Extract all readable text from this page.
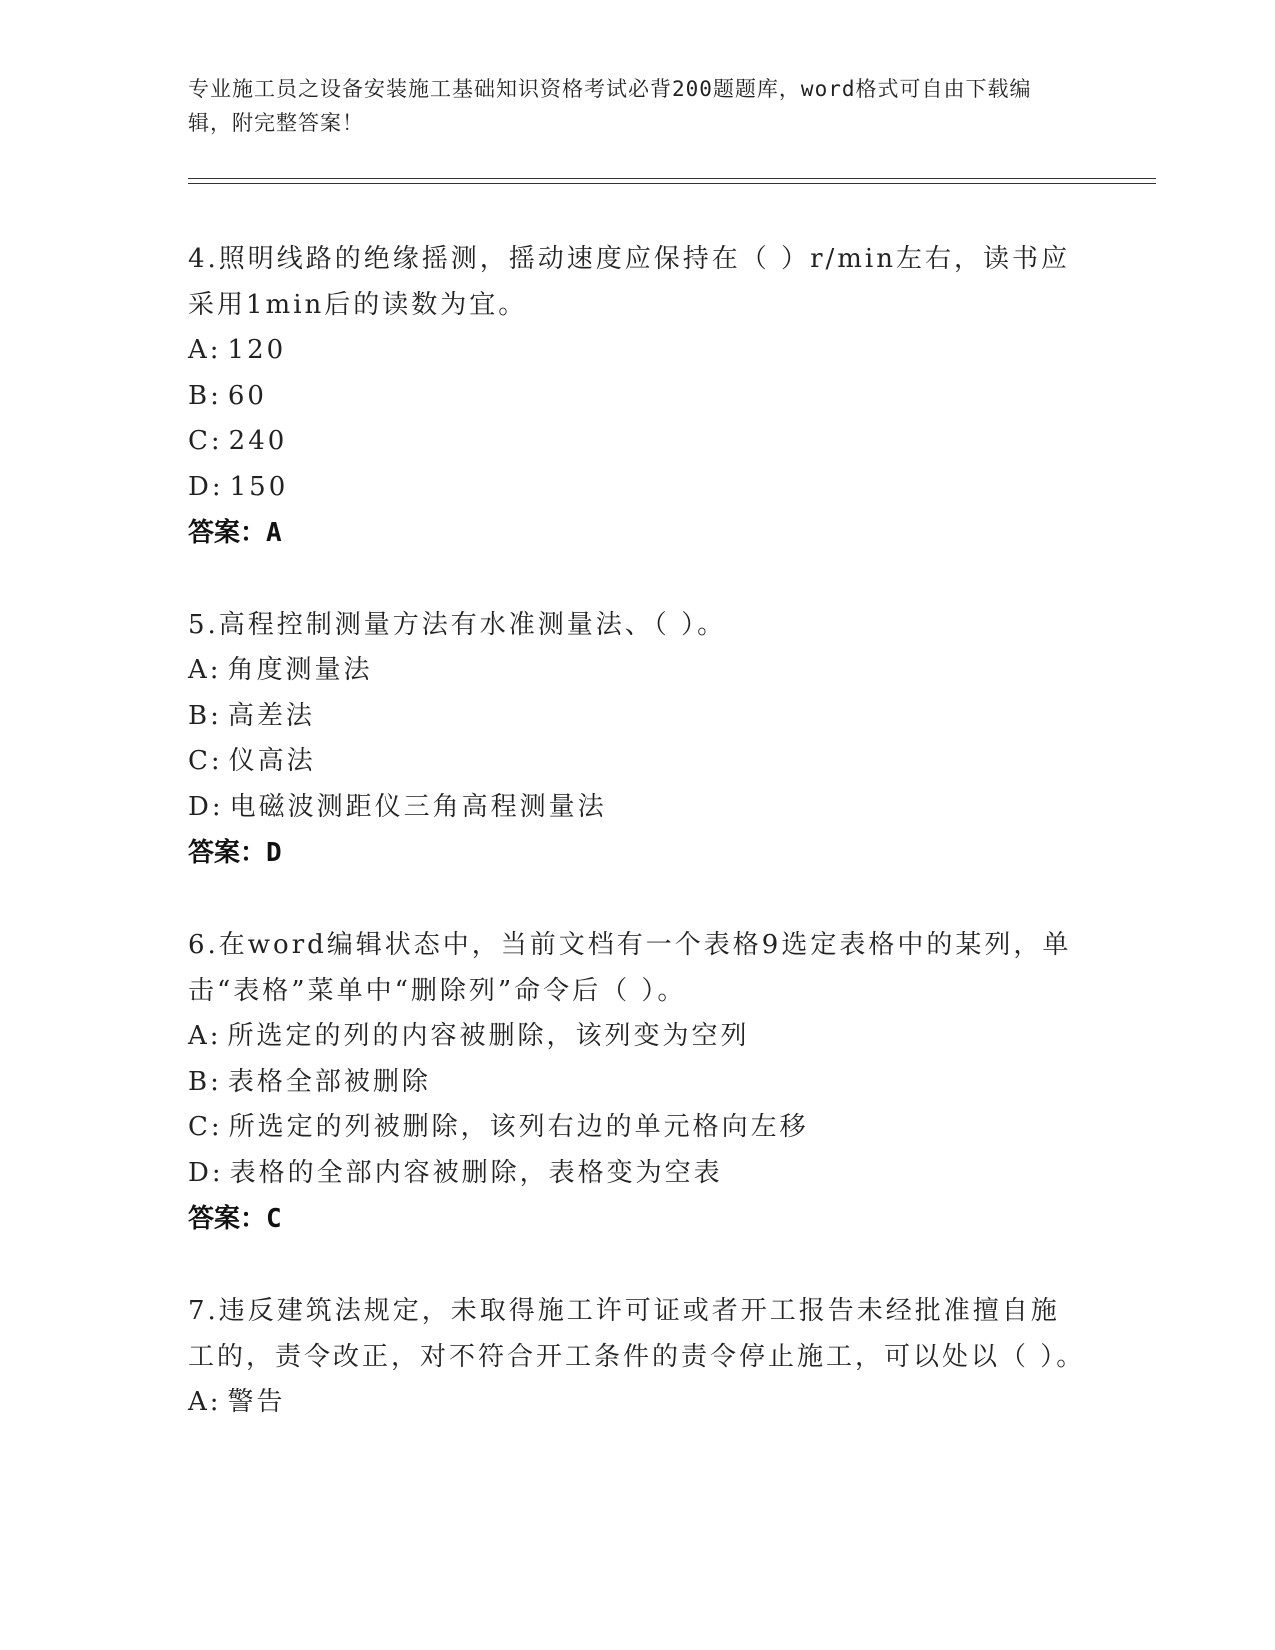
专业施工员之设备安装施工基础知识资格考试必背200题题库，word格式可自由下载编辑，附完整答案！
4.照明线路的绝缘摇测，摇动速度应保持在（ ）r/min左右，读书应采用1min后的读数为宜。
A: 120
B: 60
C: 240
D: 150
答案：A
5.高程控制测量方法有水准测量法、（ ）。
A: 角度测量法
B: 高差法
C: 仪高法
D: 电磁波测距仪三角高程测量法
答案：D
6.在word编辑状态中，当前文档有一个表格9选定表格中的某列，单击“表格”菜单中“删除列”命令后（ ）。
A: 所选定的列的内容被删除，该列变为空列
B: 表格全部被删除
C: 所选定的列被删除，该列右边的单元格向左移
D: 表格的全部内容被删除，表格变为空表
答案：C
7.违反建筑法规定，未取得施工许可证或者开工报告未经批准擅自施工的，责令改正，对不符合开工条件的责令停止施工，可以处以（ ）。
A: 警告
